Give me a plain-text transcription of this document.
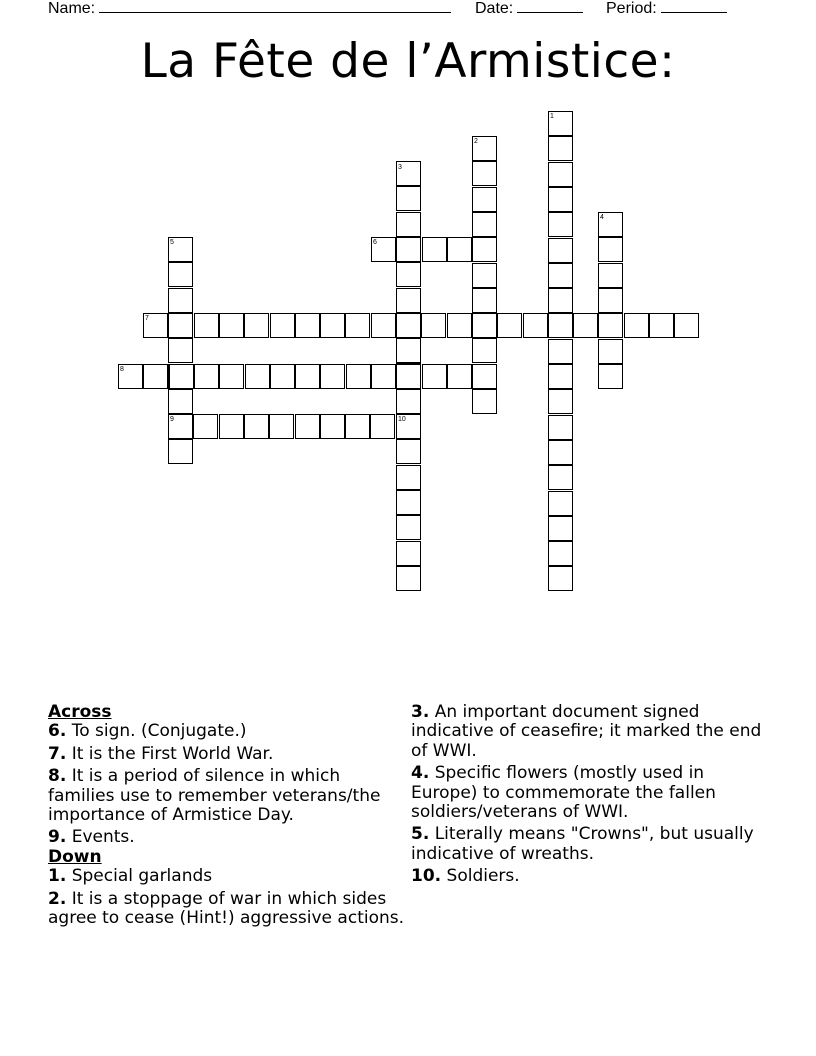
Name:	Date:	Period:
La Fête de l’Armistice:
1
2
3
4
5	6
7
8
9	10
Across
6. To sign. (Conjugate.)
7. It is the First World War.
8. It is a period of silence in which families use to remember veterans/the importance of Armistice Day.
9. Events.
Down
1. Special garlands
2. It is a stoppage of war in which sides agree to cease (Hint!) aggressive actions.
3. An important document signed indicative of ceasefire; it marked the end of WWI.
4. Specific flowers (mostly used in Europe) to commemorate the fallen soldiers/veterans of WWI.
5. Literally means "Crowns", but usually indicative of wreaths.
10. Soldiers.
